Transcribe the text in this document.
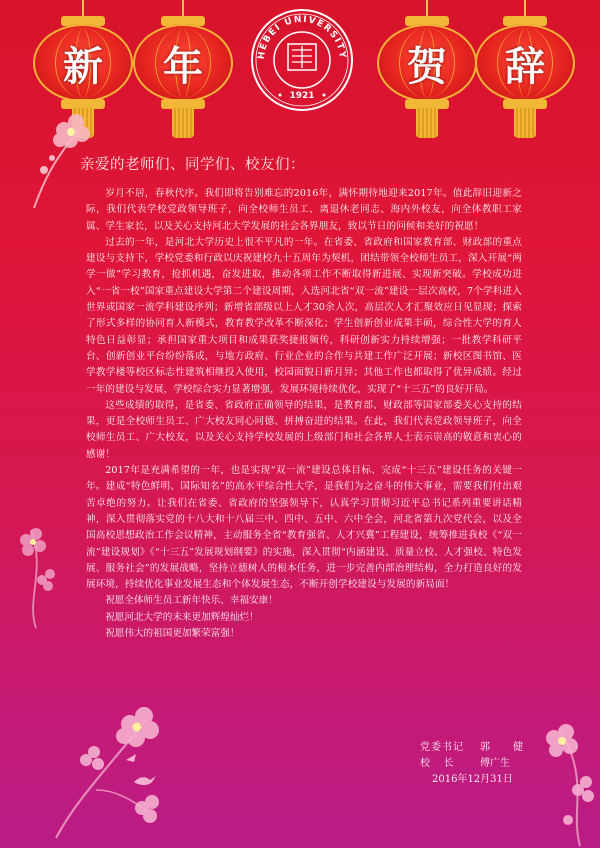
新	年	贺	辞
HEBEI UNIVERSITY
1921
亲爱的老师们、同学们、校友们：

岁月不居，春秋代序。我们即将告别难忘的2016年，满怀期待地迎来2017年。值此辞旧迎新之际，我们代表学校党政领导班子，向全校师生员工、离退休老同志、海内外校友，向全体教职工家属、学生家长，以及关心支持河北大学发展的社会各界朋友，致以节日的问候和美好的祝愿！

过去的一年，是河北大学历史上很不平凡的一年。在省委、省政府和国家教育部、财政部的重点建设与支持下，学校党委和行政以庆祝建校九十五周年为契机，团结带领全校师生员工，深入开展“两学一做”学习教育，抢抓机遇，奋发进取，推动各项工作不断取得新进展、实现新突破。学校成功进入“一省一校”国家重点建设大学第二个建设周期，入选河北省“双一流”建设一层次高校，7个学科进入世界或国家一流学科建设序列；新增省部级以上人才30余人次，高层次人才汇聚效应日见显现；探索了形式多样的协同育人新模式，教育教学改革不断深化；学生创新创业成果丰硕，综合性大学的育人特色日益彰显；承担国家重大项目和成果获奖捷报频传，科研创新实力持续增强；一批教学科研平台、创新创业平台纷纷落成，与地方政府、行业企业的合作与共建工作广泛开展；新校区图书馆、医学教学楼等校区标志性建筑相继投入使用，校园面貌日新月异；其他工作也都取得了优异成绩。经过一年的建设与发展，学校综合实力显著增强，发展环境持续优化，实现了“十三五”的良好开局。

这些成绩的取得，是省委、省政府正确领导的结果，是教育部、财政部等国家部委关心支持的结果，更是全校师生员工、广大校友同心同德、拼搏奋进的结果。在此，我们代表党政领导班子，向全校师生员工、广大校友，以及关心支持学校发展的上级部门和社会各界人士表示崇高的敬意和衷心的感谢！

2017年是充满希望的一年，也是实现“双一流”建设总体目标、完成“十三五”建设任务的关键一年。建成“特色鲜明、国际知名”的高水平综合性大学，是我们为之奋斗的伟大事业，需要我们付出艰苦卓绝的努力。让我们在省委、省政府的坚强领导下，认真学习贯彻习近平总书记系列重要讲话精神，深入贯彻落实党的十八大和十八届三中、四中、五中、六中全会，河北省第九次党代会，以及全国高校思想政治工作会议精神，主动服务全省“教育强省、人才兴冀”工程建设，统筹推进我校《“双一流”建设规划》《“十三五”发展规划纲要》的实施，深入贯彻“内涵建设、质量立校、人才强校、特色发展、服务社会”的发展战略，坚持立德树人的根本任务，进一步完善内部治理结构，全力打造良好的发展环境，持续优化事业发展生态和个体发展生态，不断开创学校建设与发展的新局面！

祝愿全体师生员工新年快乐、幸福安康！
祝愿河北大学的未来更加辉煌灿烂！
祝愿伟大的祖国更加繁荣富强！
党委书记	郭 健
校   长	傅广生
2016年12月31日
